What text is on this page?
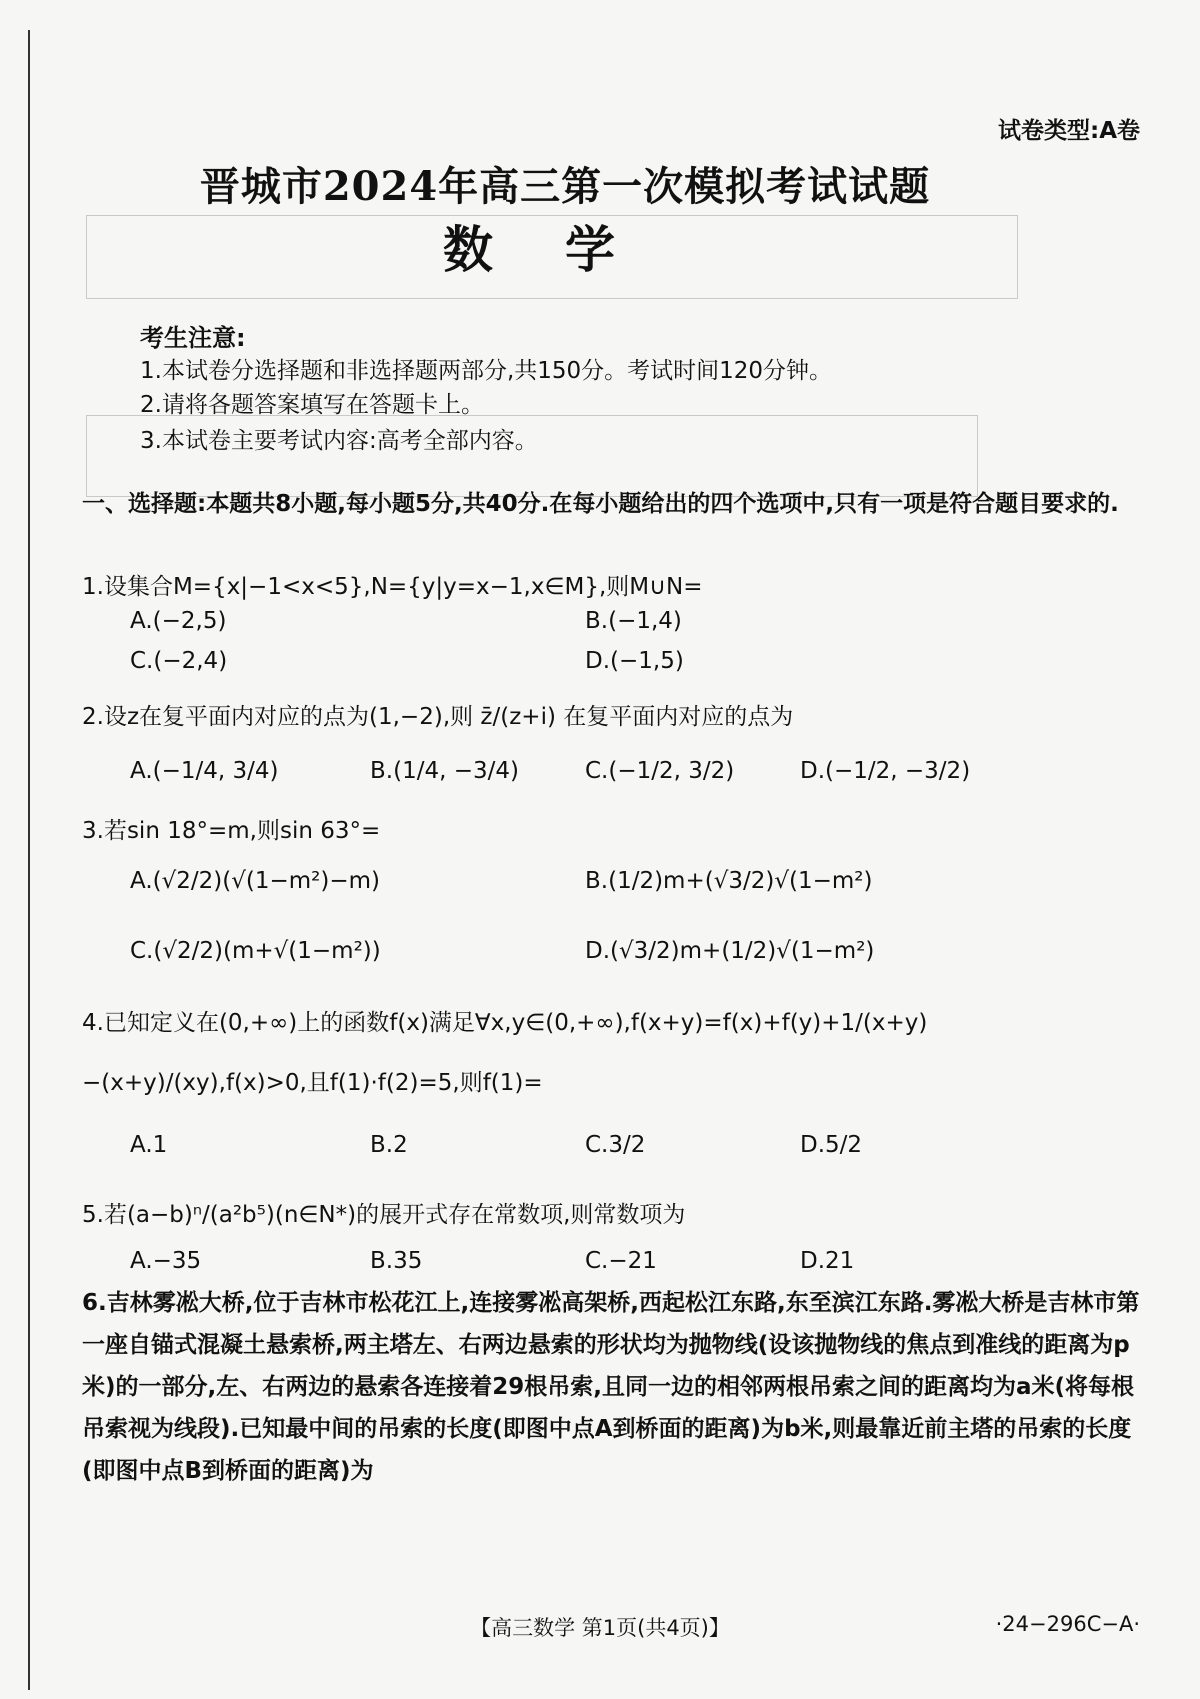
试卷类型:A卷
晋城市2024年高三第一次模拟考试试题
数学
考生注意:
1.本试卷分选择题和非选择题两部分,共150分。考试时间120分钟。
2.请将各题答案填写在答题卡上。
3.本试卷主要考试内容:高考全部内容。
一、选择题:本题共8小题,每小题5分,共40分.在每小题给出的四个选项中,只有一项是符合题目要求的.
1.设集合M={x|−1<x<5},N={y|y=x−1,x∈M},则M∪N=
A.(−2,5)	B.(−1,4)
C.(−2,4)	D.(−1,5)
2.设z在复平面内对应的点为(1,−2),则 z̄/(z+i) 在复平面内对应的点为
A.(−1/4, 3/4)	B.(1/4, −3/4)	C.(−1/2, 3/2)	D.(−1/2, −3/2)
3.若sin 18°=m,则sin 63°=
A.(√2/2)(√(1−m²)−m)	B.(1/2)m+(√3/2)√(1−m²)
C.(√2/2)(m+√(1−m²))	D.(√3/2)m+(1/2)√(1−m²)
4.已知定义在(0,+∞)上的函数f(x)满足∀x,y∈(0,+∞),f(x+y)=f(x)+f(y)+1/(x+y)
−(x+y)/(xy),f(x)>0,且f(1)·f(2)=5,则f(1)=
A.1	B.2	C.3/2	D.5/2
5.若(a−b)ⁿ/(a²b⁵)(n∈N*)的展开式存在常数项,则常数项为
A.−35	B.35	C.−21	D.21
6.吉林雾凇大桥,位于吉林市松花江上,连接雾凇高架桥,西起松江东路,东至滨江东路.雾凇大桥是吉林市第一座自锚式混凝土悬索桥,两主塔左、右两边悬索的形状均为抛物线(设该抛物线的焦点到准线的距离为p米)的一部分,左、右两边的悬索各连接着29根吊索,且同一边的相邻两根吊索之间的距离均为a米(将每根吊索视为线段).已知最中间的吊索的长度(即图中点A到桥面的距离)为b米,则最靠近前主塔的吊索的长度(即图中点B到桥面的距离)为
【高三数学 第1页(共4页)】	·24−296C−A·
